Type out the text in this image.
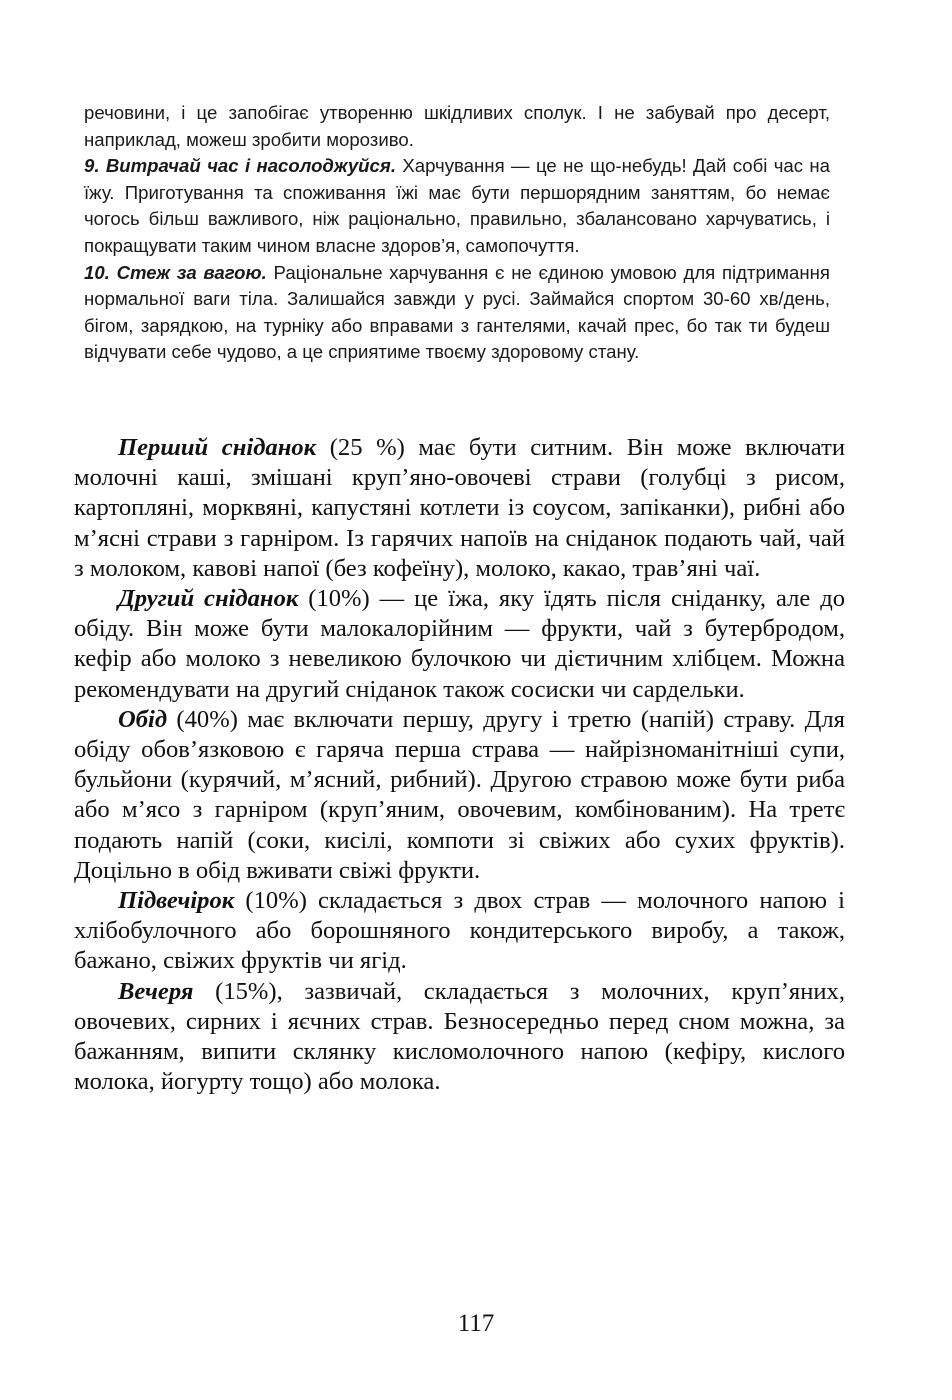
речовини, і це запобігає утворенню шкідливих сполук. І не забувай про десерт, наприклад, можеш зробити морозиво.

9. Витрачай час і насолоджуйся. Харчування — це не що-небудь! Дай собі час на їжу. Приготування та споживання їжі має бути першорядним заняттям, бо немає чогось більш важливого, ніж раціонально, правильно, збалансовано харчуватись, і покращувати таким чином власне здоров’я, самопочуття.

10. Стеж за вагою. Раціональне харчування є не єдиною умовою для підтримання нормальної ваги тіла. Залишайся завжди у русі. Займайся спортом 30-60 хв/день, бігом, зарядкою, на турніку або вправами з гантелями, качай прес, бо так ти будеш відчувати себе чудово, а це сприятиме твоєму здоровому стану.

Перший сніданок (25 %) має бути ситним. Він може включати молочні каші, змішані круп’яно-овочеві страви (голубці з рисом, картопляні, морквяні, капустяні котлети із соусом, запіканки), рибні або м’ясні страви з гарніром. Із гарячих напоїв на сніданок подають чай, чай з молоком, кавові напої (без кофеїну), молоко, какао, трав’яні чаї.

Другий сніданок (10%) — це їжа, яку їдять після сніданку, але до обіду. Він може бути малокалорійним — фрукти, чай з бутербродом, кефір або молоко з невеликою булочкою чи дієтичним хлібцем. Можна рекомендувати на другий сніданок також сосиски чи сардельки.

Обід (40%) має включати першу, другу і третю (напій) страву. Для обіду обов’язковою є гаряча перша страва — найрізноманітніші супи, бульйони (курячий, м’ясний, рибний). Другою стравою може бути риба або м’ясо з гарніром (круп’яним, овочевим, комбінованим). На третє подають напій (соки, кисілі, компоти зі свіжих або сухих фруктів). Доцільно в обід вживати свіжі фрукти.

Підвечірок (10%) складається з двох страв — молочного напою і хлібобулочного або борошняного кондитерського виробу, а також, бажано, свіжих фруктів чи ягід.

Вечеря (15%), зазвичай, складається з молочних, круп’яних, овочевих, сирних і яєчних страв. Безносередньо перед сном можна, за бажанням, випити склянку кисломолочного напою (кефіру, кислого молока, йогурту тощо) або молока.

117
